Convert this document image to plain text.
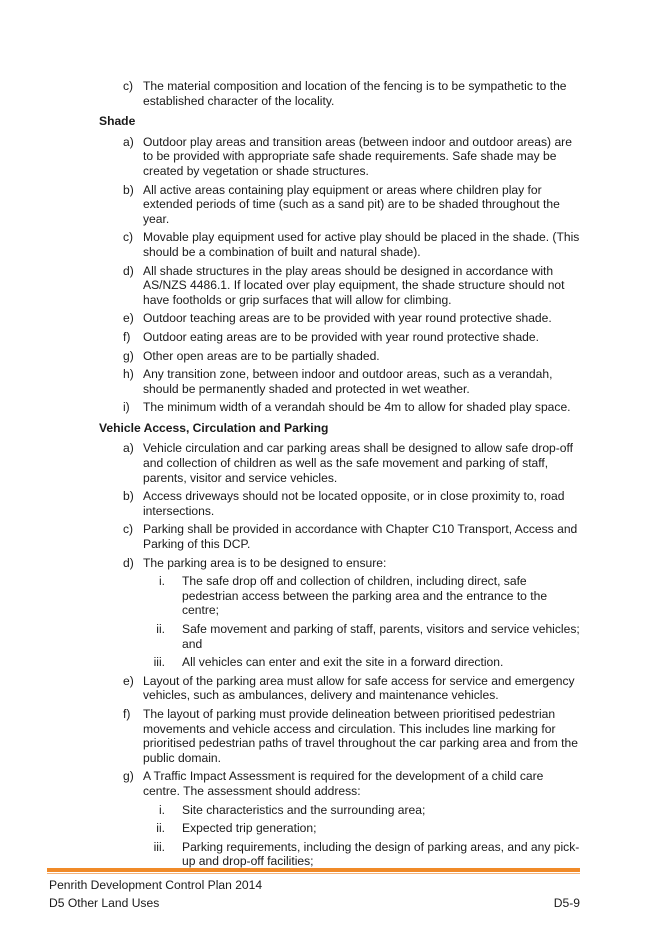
c) The material composition and location of the fencing is to be sympathetic to the established character of the locality.
Shade
a) Outdoor play areas and transition areas (between indoor and outdoor areas) are to be provided with appropriate safe shade requirements. Safe shade may be created by vegetation or shade structures.
b) All active areas containing play equipment or areas where children play for extended periods of time (such as a sand pit) are to be shaded throughout the year.
c) Movable play equipment used for active play should be placed in the shade. (This should be a combination of built and natural shade).
d) All shade structures in the play areas should be designed in accordance with AS/NZS 4486.1. If located over play equipment, the shade structure should not have footholds or grip surfaces that will allow for climbing.
e) Outdoor teaching areas are to be provided with year round protective shade.
f) Outdoor eating areas are to be provided with year round protective shade.
g) Other open areas are to be partially shaded.
h) Any transition zone, between indoor and outdoor areas, such as a verandah, should be permanently shaded and protected in wet weather.
i) The minimum width of a verandah should be 4m to allow for shaded play space.
Vehicle Access, Circulation and Parking
a) Vehicle circulation and car parking areas shall be designed to allow safe drop-off and collection of children as well as the safe movement and parking of staff, parents, visitor and service vehicles.
b) Access driveways should not be located opposite, or in close proximity to, road intersections.
c) Parking shall be provided in accordance with Chapter C10 Transport, Access and Parking of this DCP.
d) The parking area is to be designed to ensure:
i. The safe drop off and collection of children, including direct, safe pedestrian access between the parking area and the entrance to the centre;
ii. Safe movement and parking of staff, parents, visitors and service vehicles; and
iii. All vehicles can enter and exit the site in a forward direction.
e) Layout of the parking area must allow for safe access for service and emergency vehicles, such as ambulances, delivery and maintenance vehicles.
f) The layout of parking must provide delineation between prioritised pedestrian movements and vehicle access and circulation. This includes line marking for prioritised pedestrian paths of travel throughout the car parking area and from the public domain.
g) A Traffic Impact Assessment is required for the development of a child care centre. The assessment should address:
i. Site characteristics and the surrounding area;
ii. Expected trip generation;
iii. Parking requirements, including the design of parking areas, and any pick-up and drop-off facilities;
Penrith Development Control Plan 2014
D5 Other Land Uses	D5-9
